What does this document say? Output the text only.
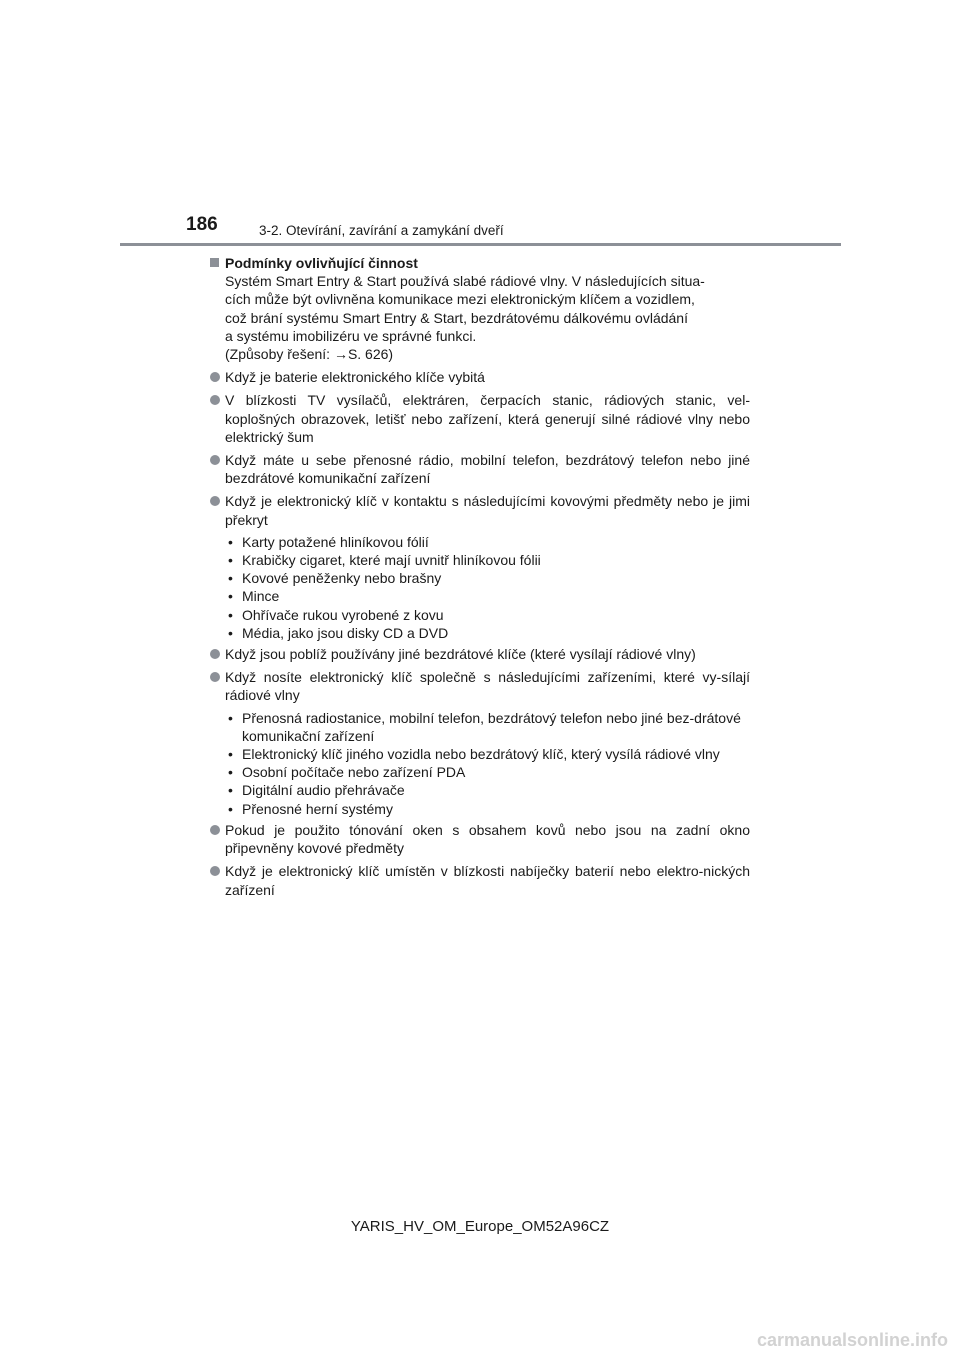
186	3-2. Otevírání, zavírání a zamykání dveří
Podmínky ovlivňující činnost
Systém Smart Entry & Start používá slabé rádiové vlny. V následujících situa-
cích může být ovlivněna komunikace mezi elektronickým klíčem a vozidlem,
což brání systému Smart Entry & Start, bezdrátovému dálkovému ovládání
a systému imobilizéru ve správné funkci.
(Způsoby řešení: →S. 626)
Když je baterie elektronického klíče vybitá
V blízkosti TV vysílačů, elektráren, čerpacích stanic, rádiových stanic, vel-koplošných obrazovek, letišť nebo zařízení, která generují silné rádiové vlny nebo elektrický šum
Když máte u sebe přenosné rádio, mobilní telefon, bezdrátový telefon nebo jiné bezdrátové komunikační zařízení
Když je elektronický klíč v kontaktu s následujícími kovovými předměty nebo je jimi překryt
• Karty potažené hliníkovou fólií
• Krabičky cigaret, které mají uvnitř hliníkovou fólii
• Kovové peněženky nebo brašny
• Mince
• Ohřívače rukou vyrobené z kovu
• Média, jako jsou disky CD a DVD
Když jsou poblíž používány jiné bezdrátové klíče (které vysílají rádiové vlny)
Když nosíte elektronický klíč společně s následujícími zařízeními, které vy-sílají rádiové vlny
• Přenosná radiostanice, mobilní telefon, bezdrátový telefon nebo jiné bez-drátové komunikační zařízení
• Elektronický klíč jiného vozidla nebo bezdrátový klíč, který vysílá rádiové vlny
• Osobní počítače nebo zařízení PDA
• Digitální audio přehrávače
• Přenosné herní systémy
Pokud je použito tónování oken s obsahem kovů nebo jsou na zadní okno připevněny kovové předměty
Když je elektronický klíč umístěn v blízkosti nabíječky baterií nebo elektro-nických zařízení
YARIS_HV_OM_Europe_OM52A96CZ
carmanualsonline.info
